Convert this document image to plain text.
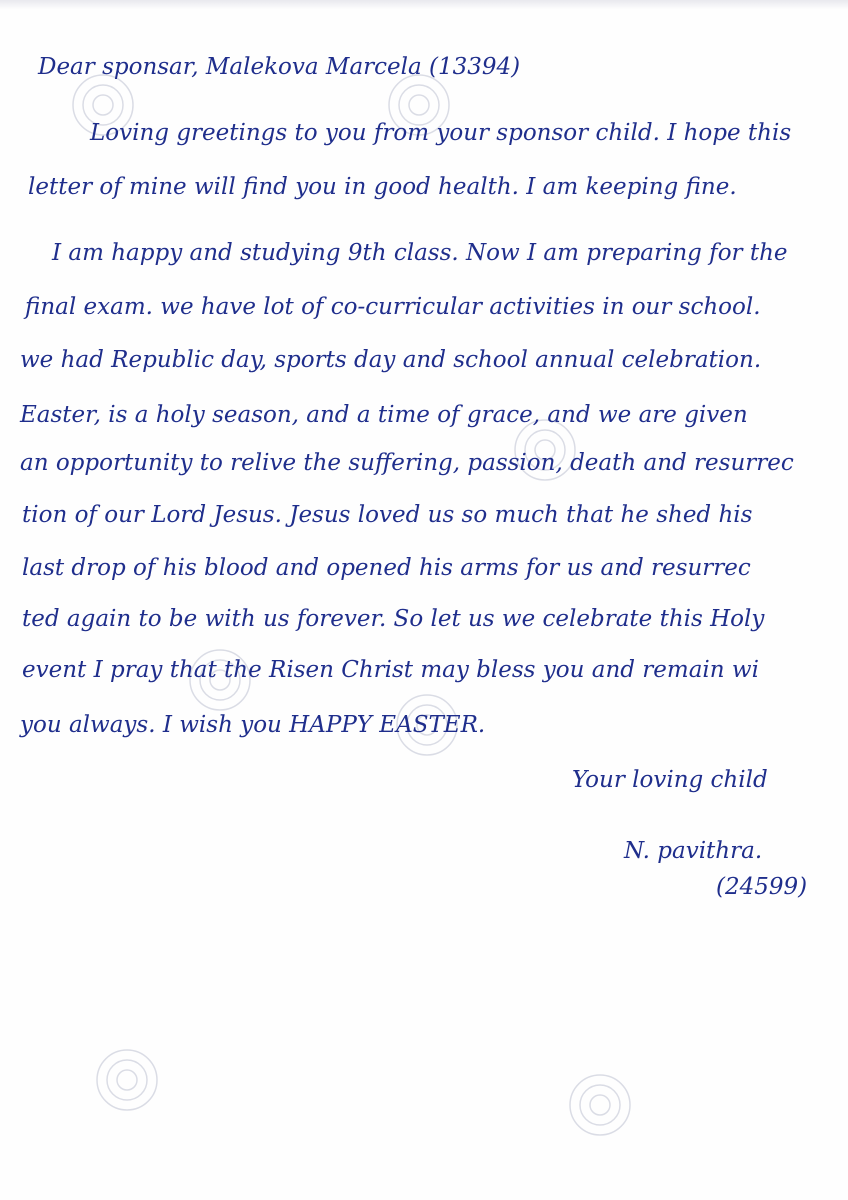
Dear sponsar, Malekova Marcela (13394)
Loving greetings to you from your sponsor child. I hope this
letter of mine will find you in good health. I am keeping fine.
I am happy and studying 9th class. Now I am preparing for the
final exam. we have lot of co-curricular activities in our school.
we had Republic day, sports day and school annual celebration.
Easter, is a holy season, and a time of grace, and we are given
an opportunity to relive the suffering, passion, death and resurrec
tion of our Lord Jesus. Jesus loved us so much that he shed his
last drop of his blood and opened his arms for us and resurrec
ted again to be with us forever. So let us we celebrate this Holy
event I pray that the Risen Christ may bless you and remain wi
you always. I wish you HAPPY EASTER.
Your loving child
N. pavithra.
(24599)
